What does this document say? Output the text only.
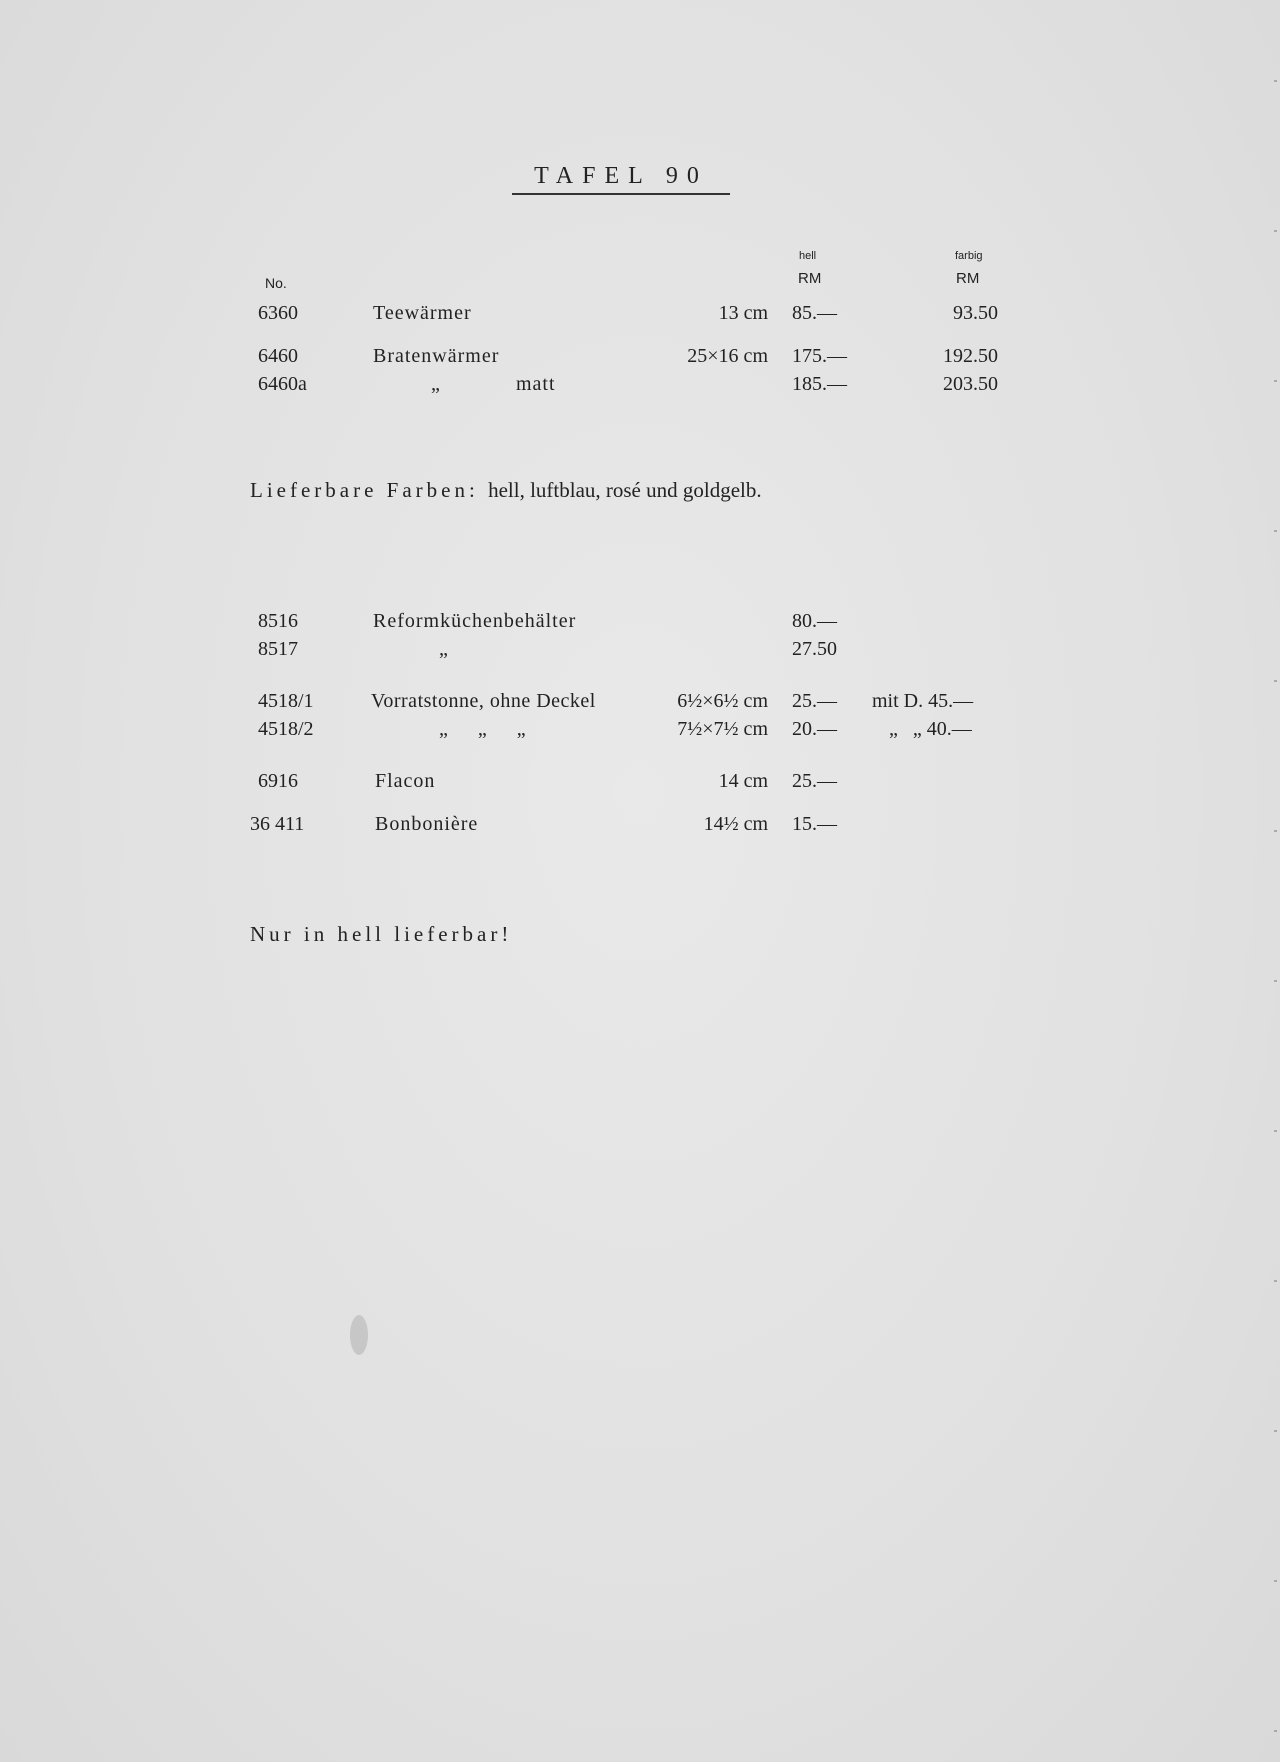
TAFEL 90
hell	farbig
No.	RM	RM
6360	Teewärmer	13 cm 85.—	93.50
6460	Bratenwärmer	25×16 cm 175.—	192.50
6460a	„	matt	185.—	203.50
Lieferbare Farben: hell, luftblau, rosé und goldgelb.
8516	Reformküchenbehälter	80.—
8517	„	27.50
4518/1	Vorratstonne, ohne Deckel	6½×6½ cm 25.— mit D. 45.—
4518/2	„      „      „	7½×7½ cm 20.—	„   „ 40.—
6916	Flacon	14 cm 25.—
36 411	Bonbonière	14½ cm 15.—
Nur in hell lieferbar!
